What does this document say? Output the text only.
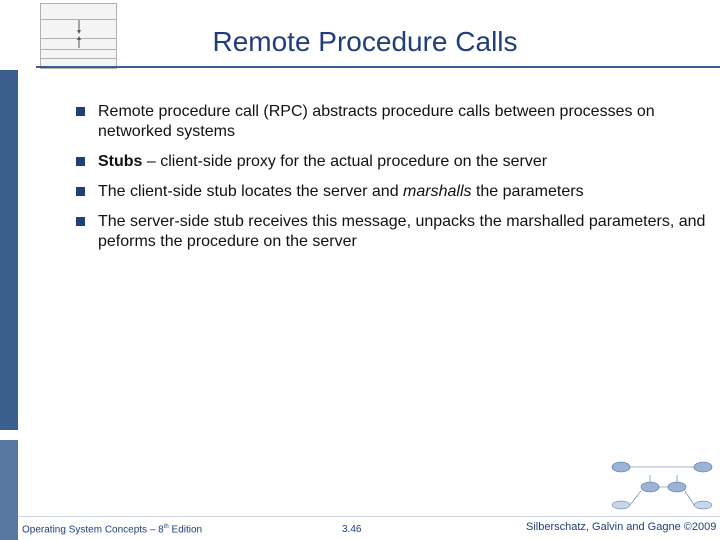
Remote Procedure Calls
Remote procedure call (RPC) abstracts procedure calls between processes on networked systems
Stubs – client-side proxy for the actual procedure on the server
The client-side stub locates the server and marshalls the parameters
The server-side stub receives this message, unpacks the marshalled parameters, and peforms the procedure on the server
Operating System Concepts – 8th Edition	3.46	Silberschatz, Galvin and Gagne ©2009
